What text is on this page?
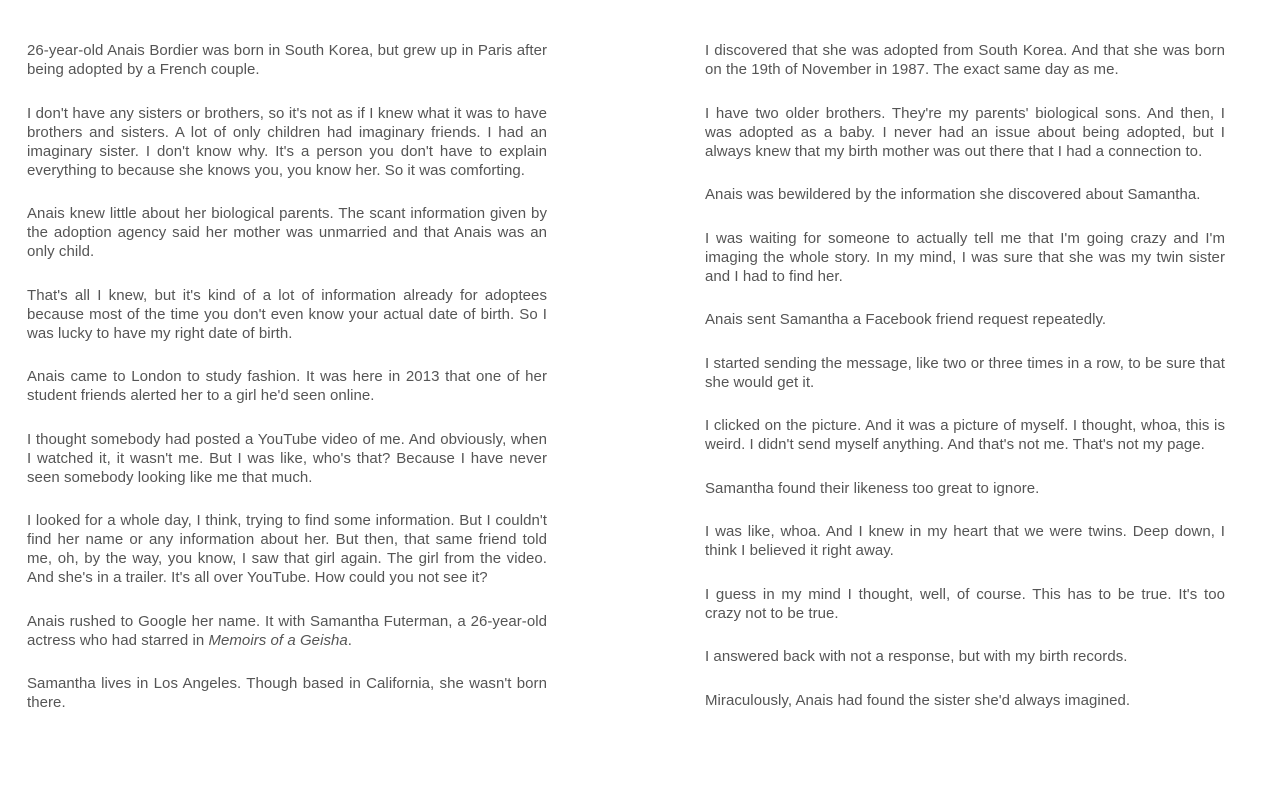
26-year-old Anais Bordier was born in South Korea, but grew up in Paris after being adopted by a French couple.

I don't have any sisters or brothers, so it's not as if I knew what it was to have brothers and sisters. A lot of only children had imaginary friends. I had an imaginary sister. I don't know why. It's a person you don't have to explain everything to because she knows you, you know her. So it was comforting.

Anais knew little about her biological parents. The scant information given by the adoption agency said her mother was unmarried and that Anais was an only child.

That's all I knew, but it's kind of a lot of information already for adoptees because most of the time you don't even know your actual date of birth. So I was lucky to have my right date of birth.

Anais came to London to study fashion. It was here in 2013 that one of her student friends alerted her to a girl he'd seen online.

I thought somebody had posted a YouTube video of me. And obviously, when I watched it, it wasn't me. But I was like, who's that? Because I have never seen somebody looking like me that much.

I looked for a whole day, I think, trying to find some information. But I couldn't find her name or any information about her. But then, that same friend told me, oh, by the way, you know, I saw that girl again. The girl from the video. And she's in a trailer. It's all over YouTube. How could you not see it?

Anais rushed to Google her name. It with Samantha Futerman, a 26-year-old actress who had starred in Memoirs of a Geisha.

Samantha lives in Los Angeles. Though based in California, she wasn't born there.

I discovered that she was adopted from South Korea. And that she was born on the 19th of November in 1987. The exact same day as me.

I have two older brothers. They're my parents' biological sons. And then, I was adopted as a baby. I never had an issue about being adopted, but I always knew that my birth mother was out there that I had a connection to.

Anais was bewildered by the information she discovered about Samantha.

I was waiting for someone to actually tell me that I'm going crazy and I'm imaging the whole story. In my mind, I was sure that she was my twin sister and I had to find her.

Anais sent Samantha a Facebook friend request repeatedly.

I started sending the message, like two or three times in a row, to be sure that she would get it.

I clicked on the picture. And it was a picture of myself. I thought, whoa, this is weird. I didn't send myself anything. And that's not me. That's not my page.

Samantha found their likeness too great to ignore.

I was like, whoa. And I knew in my heart that we were twins. Deep down, I think I believed it right away.

I guess in my mind I thought, well, of course. This has to be true. It's too crazy not to be true.

I answered back with not a response, but with my birth records.

Miraculously, Anais had found the sister she'd always imagined.
